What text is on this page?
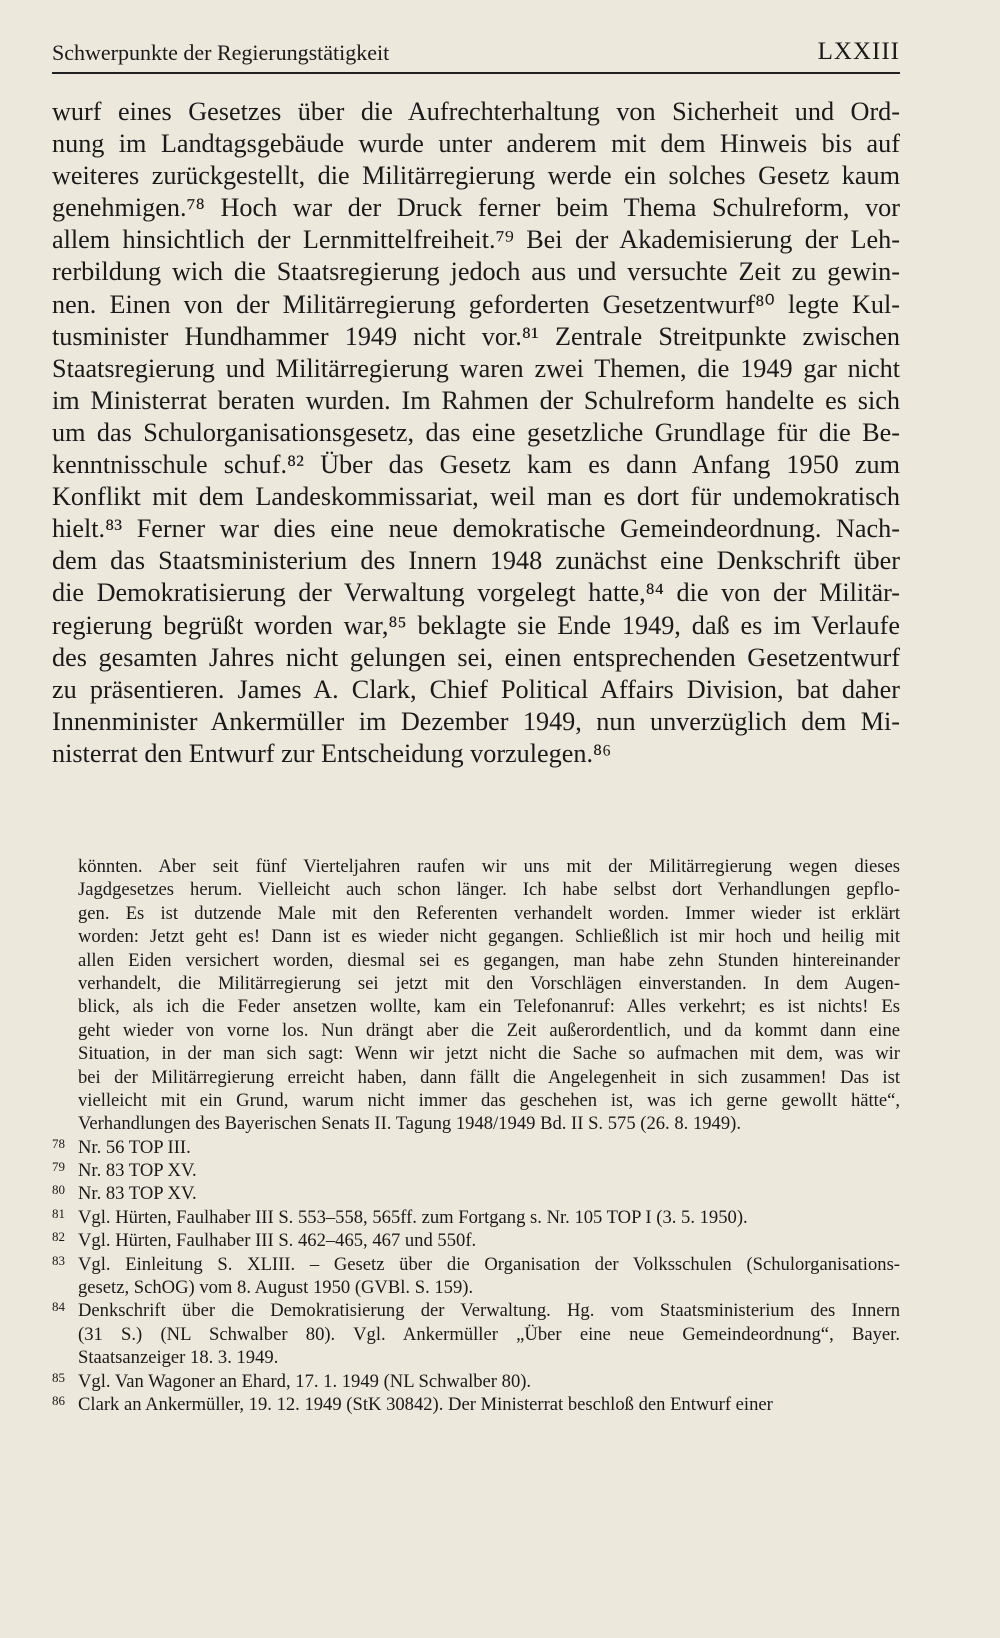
Schwerpunkte der Regierungstätigkeit	LXXIII
wurf eines Gesetzes über die Aufrechterhaltung von Sicherheit und Ord-
nung im Landtagsgebäude wurde unter anderem mit dem Hinweis bis auf
weiteres zurückgestellt, die Militärregierung werde ein solches Gesetz kaum
genehmigen.⁷⁸ Hoch war der Druck ferner beim Thema Schulreform, vor
allem hinsichtlich der Lernmittelfreiheit.⁷⁹ Bei der Akademisierung der Leh-
rerbildung wich die Staatsregierung jedoch aus und versuchte Zeit zu gewin-
nen. Einen von der Militärregierung geforderten Gesetzentwurf⁸⁰ legte Kul-
tusminister Hundhammer 1949 nicht vor.⁸¹ Zentrale Streitpunkte zwischen
Staatsregierung und Militärregierung waren zwei Themen, die 1949 gar nicht
im Ministerrat beraten wurden. Im Rahmen der Schulreform handelte es sich
um das Schulorganisationsgesetz, das eine gesetzliche Grundlage für die Be-
kenntnisschule schuf.⁸² Über das Gesetz kam es dann Anfang 1950 zum
Konflikt mit dem Landeskommissariat, weil man es dort für undemokratisch
hielt.⁸³ Ferner war dies eine neue demokratische Gemeindeordnung. Nach-
dem das Staatsministerium des Innern 1948 zunächst eine Denkschrift über
die Demokratisierung der Verwaltung vorgelegt hatte,⁸⁴ die von der Militär-
regierung begrüßt worden war,⁸⁵ beklagte sie Ende 1949, daß es im Verlaufe
des gesamten Jahres nicht gelungen sei, einen entsprechenden Gesetzentwurf
zu präsentieren. James A. Clark, Chief Political Affairs Division, bat daher
Innenminister Ankermüller im Dezember 1949, nun unverzüglich dem Mi-
nisterrat den Entwurf zur Entscheidung vorzulegen.⁸⁶
könnten. Aber seit fünf Vierteljahren raufen wir uns mit der Militärregierung wegen dieses
Jagdgesetzes herum. Vielleicht auch schon länger. Ich habe selbst dort Verhandlungen gepflo-
gen. Es ist dutzende Male mit den Referenten verhandelt worden. Immer wieder ist erklärt
worden: Jetzt geht es! Dann ist es wieder nicht gegangen. Schließlich ist mir hoch und heilig mit
allen Eiden versichert worden, diesmal sei es gegangen, man habe zehn Stunden hintereinander
verhandelt, die Militärregierung sei jetzt mit den Vorschlägen einverstanden. In dem Augen-
blick, als ich die Feder ansetzen wollte, kam ein Telefonanruf: Alles verkehrt; es ist nichts! Es
geht wieder von vorne los. Nun drängt aber die Zeit außerordentlich, und da kommt dann eine
Situation, in der man sich sagt: Wenn wir jetzt nicht die Sache so aufmachen mit dem, was wir
bei der Militärregierung erreicht haben, dann fällt die Angelegenheit in sich zusammen! Das ist
vielleicht mit ein Grund, warum nicht immer das geschehen ist, was ich gerne gewollt hätte“,
Verhandlungen des Bayerischen Senats II. Tagung 1948/1949 Bd. II S. 575 (26. 8. 1949).
78 Nr. 56 TOP III.
79 Nr. 83 TOP XV.
80 Nr. 83 TOP XV.
81 Vgl. Hürten, Faulhaber III S. 553–558, 565ff. zum Fortgang s. Nr. 105 TOP I (3. 5. 1950).
82 Vgl. Hürten, Faulhaber III S. 462–465, 467 und 550f.
83 Vgl. Einleitung S. XLIII. – Gesetz über die Organisation der Volksschulen (Schulorganisations-
gesetz, SchOG) vom 8. August 1950 (GVBl. S. 159).
84 Denkschrift über die Demokratisierung der Verwaltung. Hg. vom Staatsministerium des Innern
(31 S.) (NL Schwalber 80). Vgl. Ankermüller „Über eine neue Gemeindeordnung“, Bayer.
Staatsanzeiger 18. 3. 1949.
85 Vgl. Van Wagoner an Ehard, 17. 1. 1949 (NL Schwalber 80).
86 Clark an Ankermüller, 19. 12. 1949 (StK 30842). Der Ministerrat beschloß den Entwurf einer
